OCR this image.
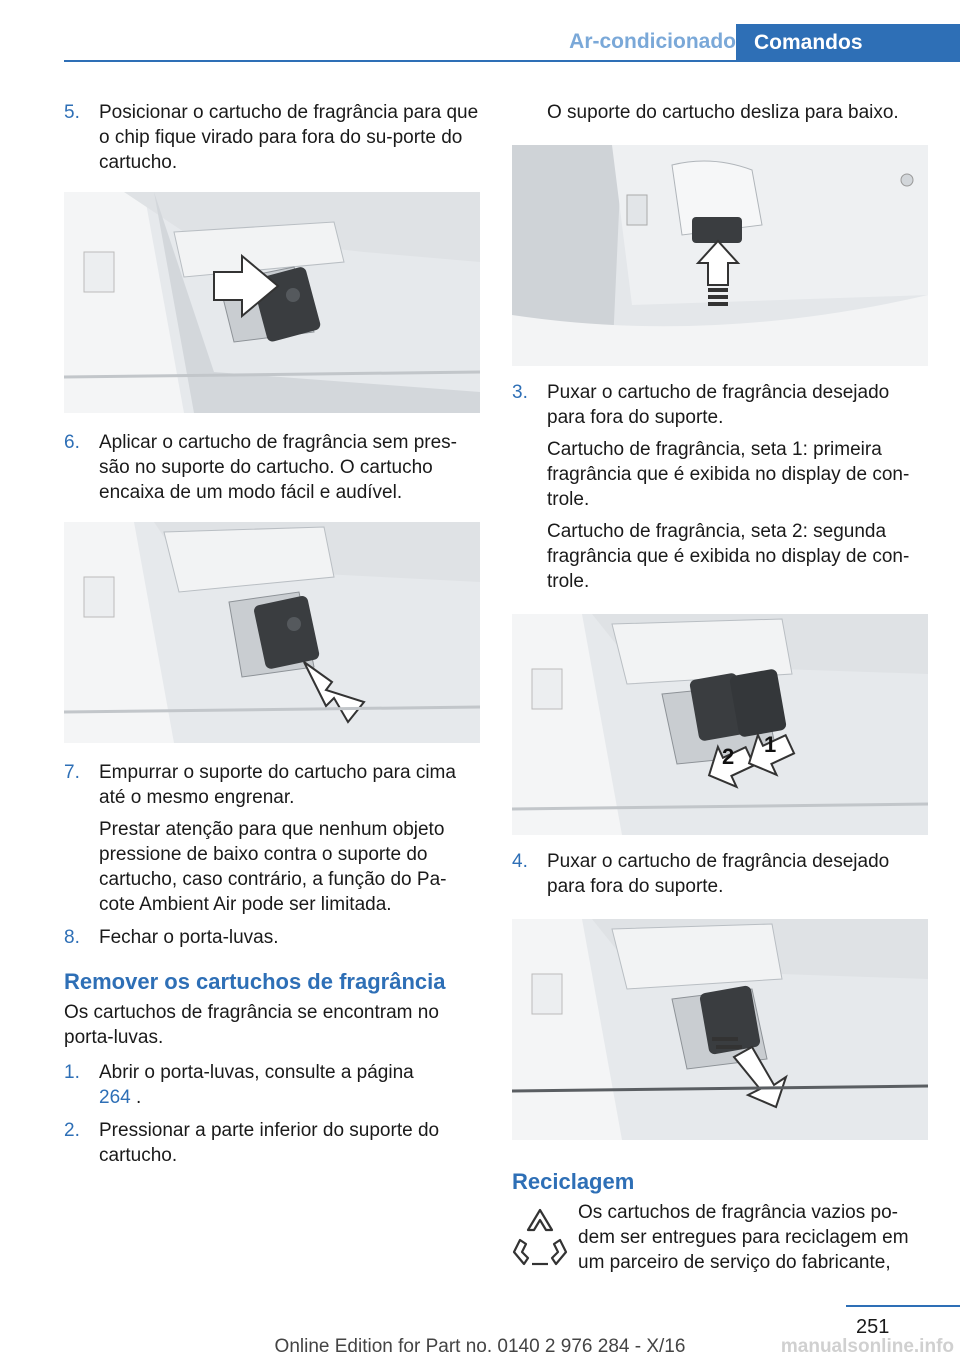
Ar-condicionado Comandos
5.	Posicionar o cartucho de fragrância para que o chip fique virado para fora do su‐porte do cartucho.
6.	Aplicar o cartucho de fragrância sem pres‐são no suporte do cartucho. O cartucho encaixa de um modo fácil e audível.
7.	Empurrar o suporte do cartucho para cima até o mesmo engrenar.
Prestar atenção para que nenhum objeto pressione de baixo contra o suporte do cartucho, caso contrário, a função do Pa‐cote Ambient Air pode ser limitada.
8.	Fechar o porta-luvas.
Remover os cartuchos de fragrância
Os cartuchos de fragrância se encontram no porta-luvas.
1.	Abrir o porta-luvas, consulte a página
264 .
2.	Pressionar a parte inferior do suporte do cartucho.
O suporte do cartucho desliza para baixo.
3.	Puxar o cartucho de fragrância desejado para fora do suporte.
Cartucho de fragrância, seta 1: primeira fragrância que é exibida no display de con‐trole.
Cartucho de fragrância, seta 2: segunda fragrância que é exibida no display de con‐trole.
2 1
4.	Puxar o cartucho de fragrância desejado para fora do suporte.
Reciclagem
Os cartuchos de fragrância vazios po‐dem ser entregues para reciclagem em um parceiro de serviço do fabricante,
251
Online Edition for Part no. 0140 2 976 284 - X/16	manualsonline.info
